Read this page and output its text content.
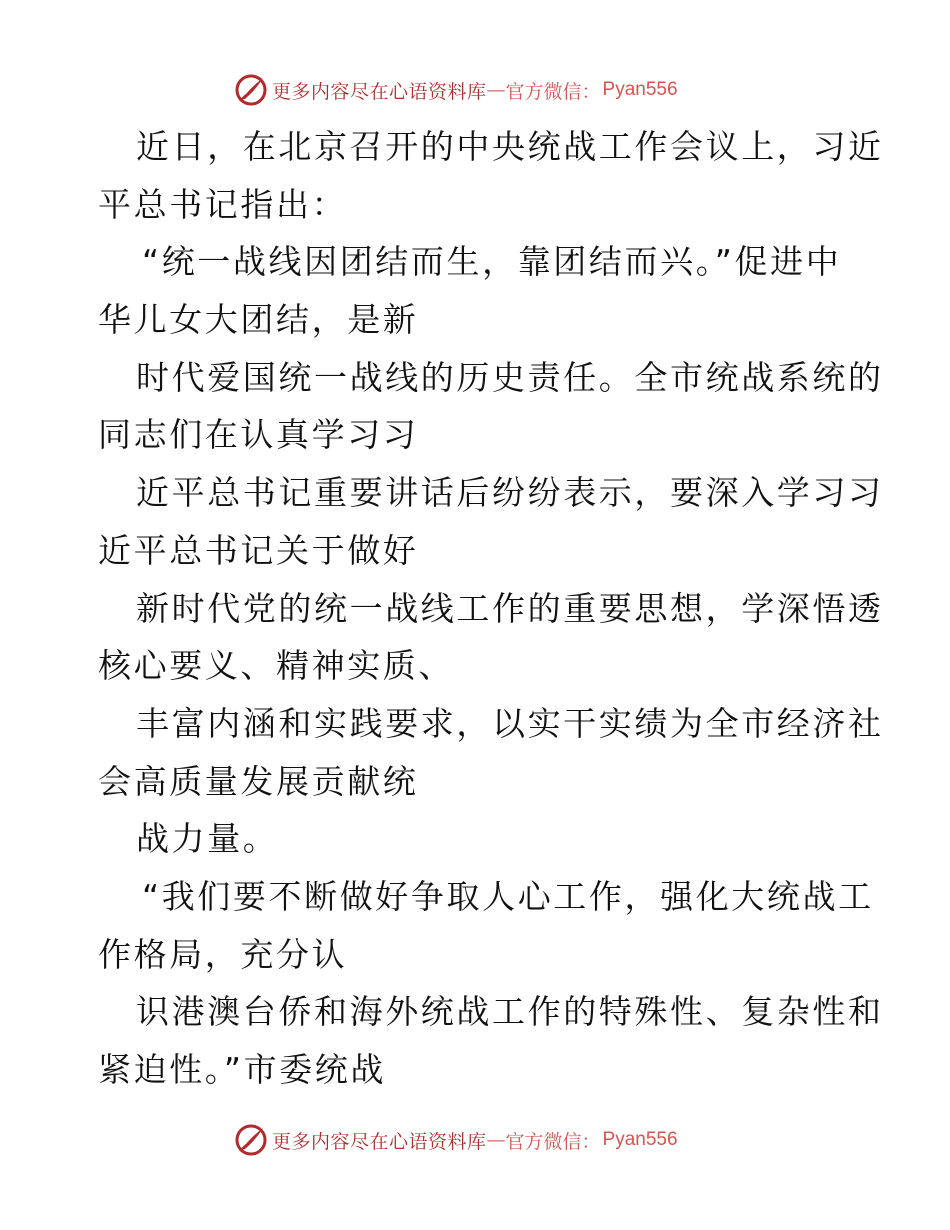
更多内容尽在心语资料库 — 官方微信： Pyan556
近日，在北京召开的中央统战工作会议上，习近
平总书记指出：
“统一战线因团结而生，靠团结而兴。”促进中
华儿女大团结，是新
时代爱国统一战线的历史责任。全市统战系统的
同志们在认真学习习
近平总书记重要讲话后纷纷表示，要深入学习习
近平总书记关于做好
新时代党的统一战线工作的重要思想，学深悟透
核心要义、精神实质、
丰富内涵和实践要求，以实干实绩为全市经济社
会高质量发展贡献统
战力量。
“我们要不断做好争取人心工作，强化大统战工
作格局，充分认
识港澳台侨和海外统战工作的特殊性、复杂性和
紧迫性。”市委统战
更多内容尽在心语资料库 — 官方微信： Pyan556
